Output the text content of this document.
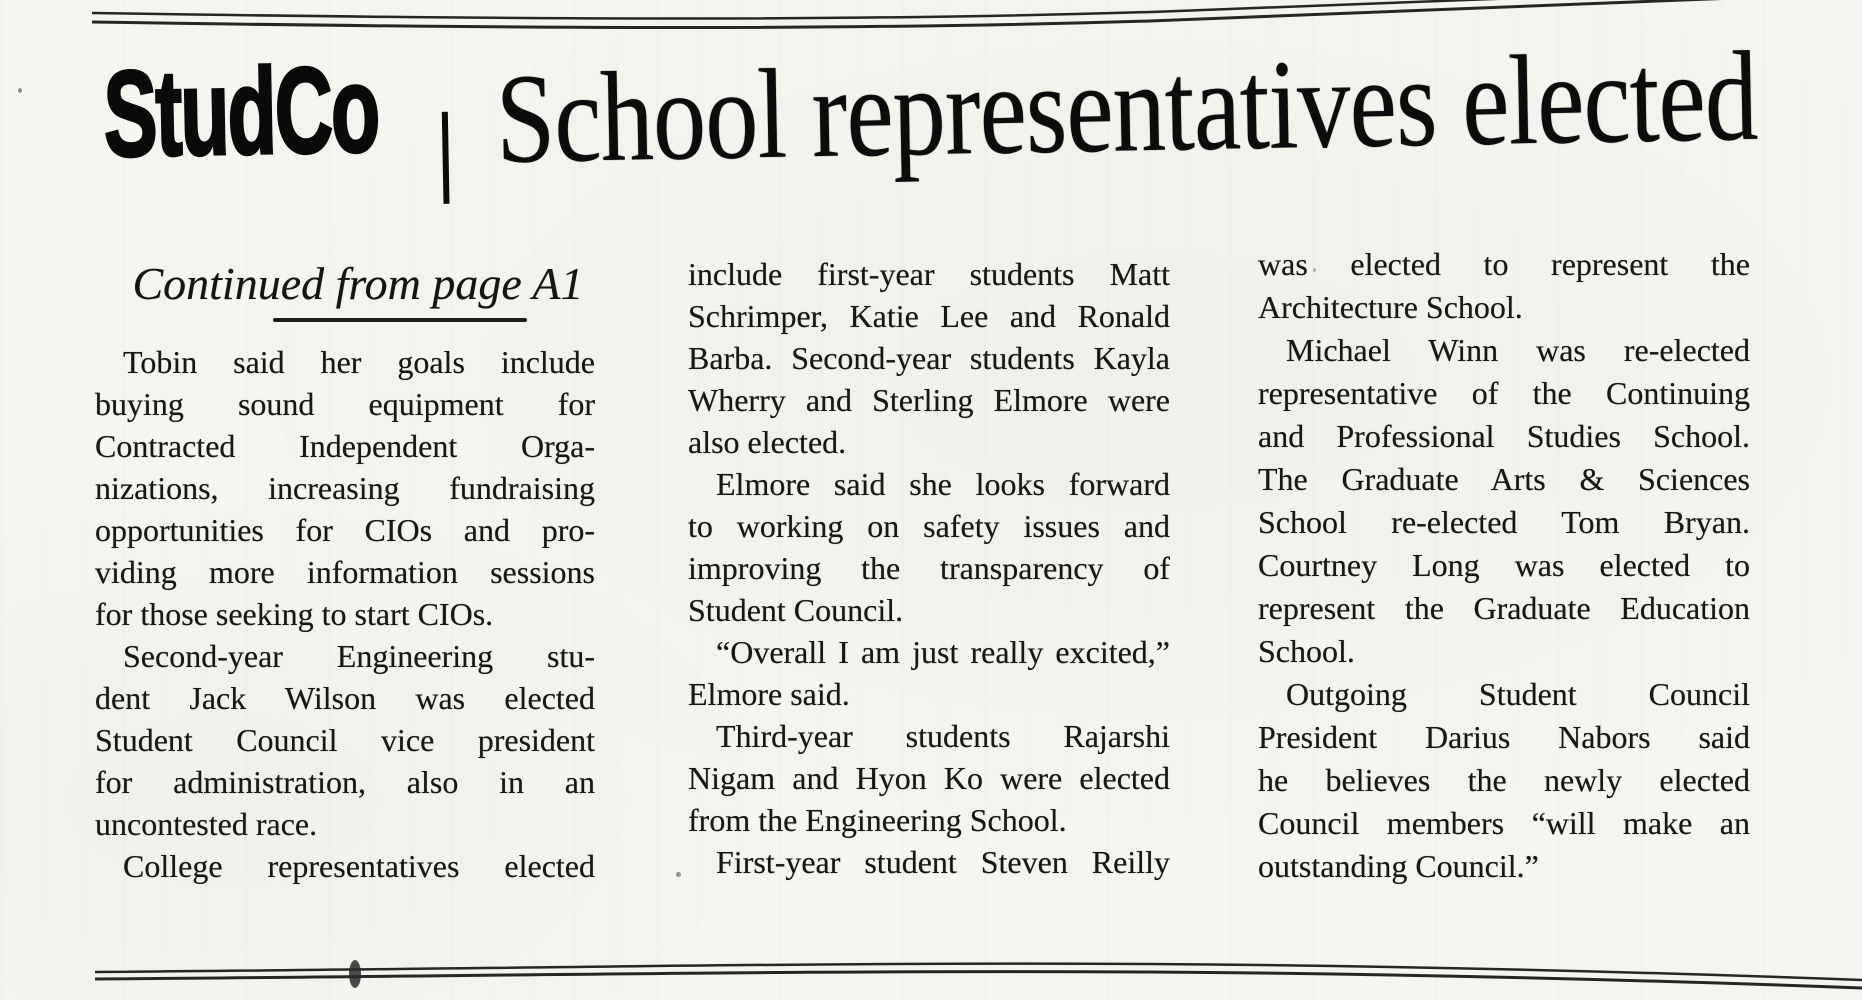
StudCo School representatives elected
Continued from page A1
Tobin said her goals include
buying sound equipment for
Contracted Independent Orga-
nizations, increasing fundraising
opportunities for CIOs and pro-
viding more information sessions
for those seeking to start CIOs.
Second-year Engineering stu-
dent Jack Wilson was elected
Student Council vice president
for administration, also in an
uncontested race.
College representatives elected
include first-year students Matt
Schrimper, Katie Lee and Ronald
Barba. Second-year students Kayla
Wherry and Sterling Elmore were
also elected.
Elmore said she looks forward
to working on safety issues and
improving the transparency of
Student Council.
“Overall I am just really excited,”
Elmore said.
Third-year students Rajarshi
Nigam and Hyon Ko were elected
from the Engineering School.
First-year student Steven Reilly
was elected to represent the
Architecture School.
Michael Winn was re-elected
representative of the Continuing
and Professional Studies School.
The Graduate Arts & Sciences
School re-elected Tom Bryan.
Courtney Long was elected to
represent the Graduate Education
School.
Outgoing Student Council
President Darius Nabors said
he believes the newly elected
Council members “will make an
outstanding Council.”
